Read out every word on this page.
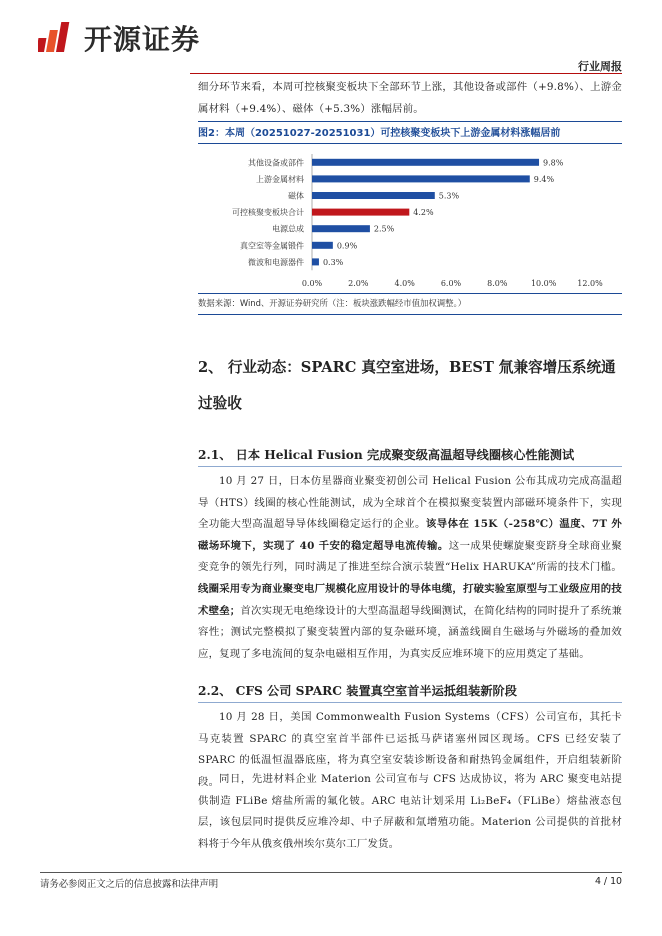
开源证券
行业周报
细分环节来看，本周可控核聚变板块下全部环节上涨，其他设备或部件（+9.8%）、上游金属材料（+9.4%）、磁体（+5.3%）涨幅居前。
图2：本周（20251027-20251031）可控核聚变板块下上游金属材料涨幅居前
其他设备或部件	9.8%
上游金属材料	9.4%
磁体	5.3%
可控核聚变板块合计	4.2%
电源总成	2.5%
真空室等金属锻件	0.9%
微波和电源器件 0.3%
0.0%	2.0%	4.0%	6.0%	8.0%	10.0%	12.0%
数据来源：Wind、开源证券研究所（注：板块涨跌幅经市值加权调整。）
2、 行业动态：SPARC 真空室进场，BEST 氚兼容增压系统通过验收
2.1、 日本 Helical Fusion 完成聚变级高温超导线圈核心性能测试
10 月 27 日，日本仿星器商业聚变初创公司 Helical Fusion 公布其成功完成高温超导（HTS）线圈的核心性能测试，成为全球首个在模拟聚变装置内部磁环境条件下，实现全功能大型高温超导导体线圈稳定运行的企业。该导体在 15K（-258℃）温度、7T 外磁场环境下，实现了 40 千安的稳定超导电流传输。这一成果使螺旋聚变跻身全球商业聚变竞争的领先行列，同时满足了推进至综合演示装置“Helix HARUKA”所需的技术门槛。线圈采用专为商业聚变电厂规模化应用设计的导体电缆，打破实验室原型与工业级应用的技术壁垒；首次实现无电绝缘设计的大型高温超导线圈测试，在简化结构的同时提升了系统兼容性；测试完整模拟了聚变装置内部的复杂磁环境，涵盖线圈自生磁场与外磁场的叠加效应，复现了多电流间的复杂电磁相互作用，为真实反应堆环境下的应用奠定了基础。
2.2、 CFS 公司 SPARC 装置真空室首半运抵组装新阶段
10 月 28 日，美国 Commonwealth Fusion Systems（CFS）公司宣布，其托卡马克装置 SPARC 的真空室首半部件已运抵马萨诸塞州园区现场。CFS 已经安装了 SPARC 的低温恒温器底座，将为真空室安装诊断设备和耐热钨金属组件，开启组装新阶段。 同日，先进材料企业 Materion 公司宣布与 CFS 达成协议，将为 ARC 聚变电站提供制造 FLiBe 熔盐所需的氟化铍。ARC 电站计划采用 Li₂BeF₄（FLiBe）熔盐液态包层，该包层同时提供反应堆冷却、中子屏蔽和氚增殖功能。Materion 公司提供的首批材料将于今年从俄亥俄州埃尔莫尔工厂发货。
请务必参阅正文之后的信息披露和法律声明	4 / 10
